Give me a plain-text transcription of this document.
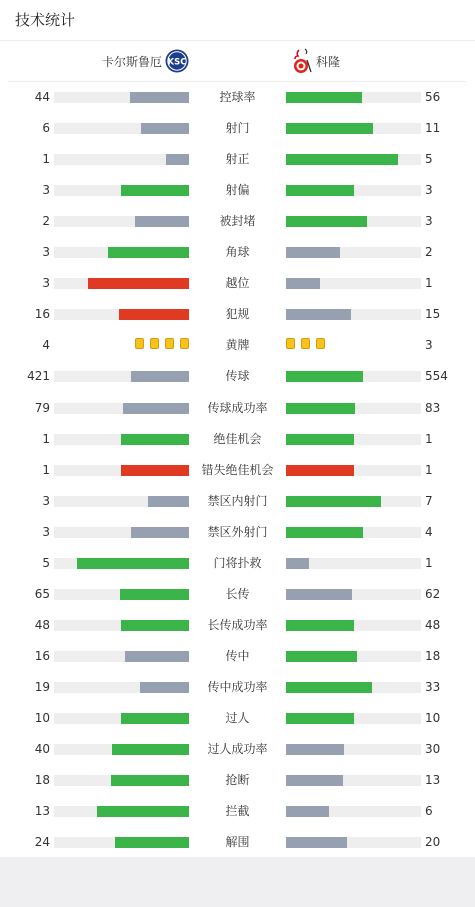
技术统计
卡尔斯鲁厄 KSC	科隆
44	控球率	56
6	射门	11
1	射正	5
3	射偏	3
2	被封堵	3
3	角球	2
3	越位	1
16	犯规	15
4	黄牌	3
421	传球	554
79	传球成功率	83
1	绝佳机会	1
1	错失绝佳机会	1
3	禁区内射门	7
3	禁区外射门	4
5	门将扑救	1
65	长传	62
48	长传成功率	48
16	传中	18
19	传中成功率	33
10	过人	10
40	过人成功率	30
18	抢断	13
13	拦截	6
24	解围	20
